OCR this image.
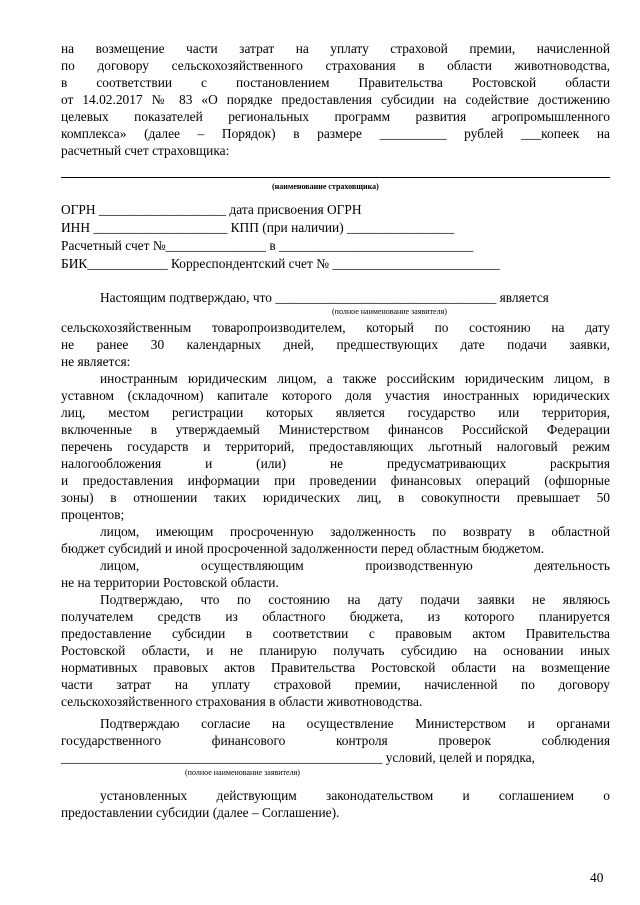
на возмещение части затрат на уплату страховой премии, начисленной
по договору сельскохозяйственного страхования в области животноводства,
в соответствии с постановлением Правительства Ростовской области
от 14.02.2017 № 83 «О порядке предоставления субсидии на содействие достижению
целевых показателей региональных программ развития агропромышленного
комплекса» (далее – Порядок) в размере __________ рублей ___копеек на
расчетный счет страховщика:
(наименование страховщика)
ОГРН ___________________ дата присвоения ОГРН
ИНН ____________________ КПП (при наличии) ________________
Расчетный счет №_______________ в _____________________________
БИК____________ Корреспондентский счет № _________________________
Настоящим подтверждаю, что _________________________________ является
(полное наименование заявителя)
сельскохозяйственным товаропроизводителем, который по состоянию на дату
не ранее 30 календарных дней, предшествующих дате подачи заявки,
не является:
иностранным юридическим лицом, а также российским юридическим лицом, в
уставном (складочном) капитале которого доля участия иностранных юридических
лиц, местом регистрации которых является государство или территория,
включенные в утверждаемый Министерством финансов Российской Федерации
перечень государств и территорий, предоставляющих льготный налоговый режим
налогообложения и (или) не предусматривающих раскрытия
и предоставления информации при проведении финансовых операций (офшорные
зоны) в отношении таких юридических лиц, в совокупности превышает 50
процентов;
лицом, имеющим просроченную задолженность по возврату в областной
бюджет субсидий и иной просроченной задолженности перед областным бюджетом.
лицом, осуществляющим производственную деятельность
не на территории Ростовской области.
Подтверждаю, что по состоянию на дату подачи заявки не являюсь
получателем средств из областного бюджета, из которого планируется
предоставление субсидии в соответствии с правовым актом Правительства
Ростовской области, и не планирую получать субсидию на основании иных
нормативных правовых актов Правительства Ростовской области на возмещение
части затрат на уплату страховой премии, начисленной по договору
сельскохозяйственного страхования в области животноводства.
Подтверждаю согласие на осуществление Министерством и органами
государственного финансового контроля проверок соблюдения
________________________________________________ условий, целей и порядка,
(полное наименование заявителя)
установленных действующим законодательством и соглашением о
предоставлении субсидии (далее – Соглашение).
40
